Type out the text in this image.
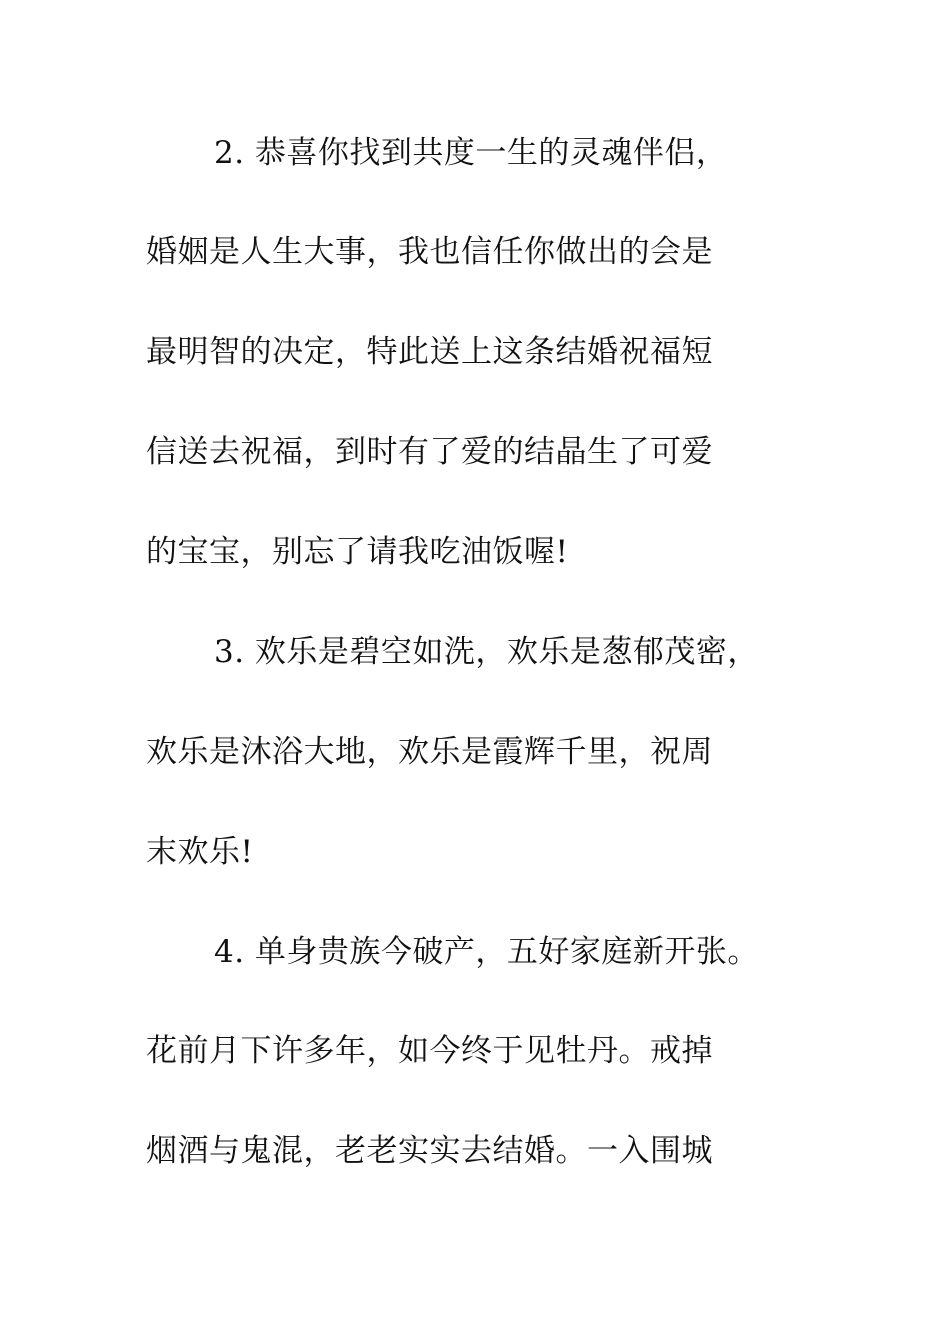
2. 恭喜你找到共度一生的灵魂伴侣，
婚姻是人生大事，我也信任你做出的会是
最明智的决定，特此送上这条结婚祝福短
信送去祝福，到时有了爱的结晶生了可爱
的宝宝，别忘了请我吃油饭喔!
3. 欢乐是碧空如洗，欢乐是葱郁茂密，
欢乐是沐浴大地，欢乐是霞辉千里，祝周
末欢乐!
4. 单身贵族今破产，五好家庭新开张。
花前月下许多年，如今终于见牡丹。戒掉
烟酒与鬼混，老老实实去结婚。一入围城
